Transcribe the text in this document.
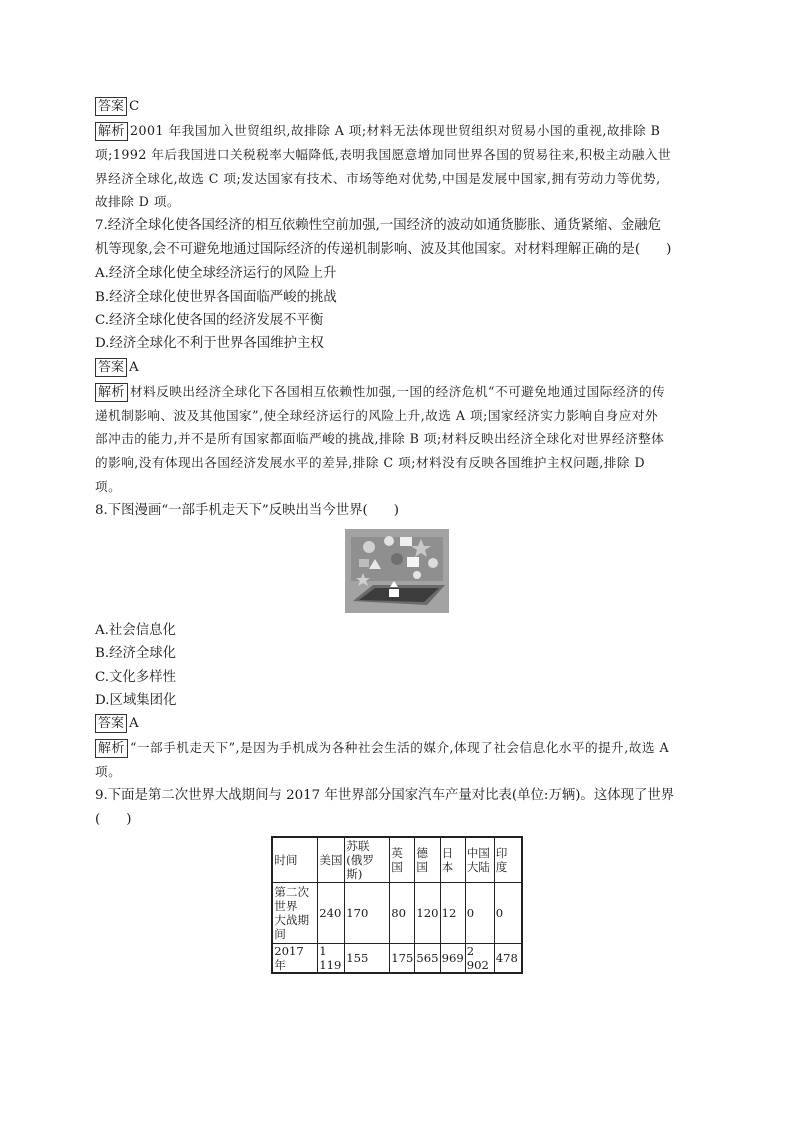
答案 C
解析 2001 年我国加入世贸组织,故排除 A 项;材料无法体现世贸组织对贸易小国的重视,故排除 B
项;1992 年后我国进口关税税率大幅降低,表明我国愿意增加同世界各国的贸易往来,积极主动融入世
界经济全球化,故选 C 项;发达国家有技术、市场等绝对优势,中国是发展中国家,拥有劳动力等优势,
故排除 D 项。
7.经济全球化使各国经济的相互依赖性空前加强,一国经济的波动如通货膨胀、通货紧缩、金融危
机等现象,会不可避免地通过国际经济的传递机制影响、波及其他国家。对材料理解正确的是( )
A.经济全球化使全球经济运行的风险上升
B.经济全球化使世界各国面临严峻的挑战
C.经济全球化使各国的经济发展不平衡
D.经济全球化不利于世界各国维护主权
答案 A
解析 材料反映出经济全球化下各国相互依赖性加强,一国的经济危机“不可避免地通过国际经济的传
递机制影响、波及其他国家”,使全球经济运行的风险上升,故选 A 项;国家经济实力影响自身应对外
部冲击的能力,并不是所有国家都面临严峻的挑战,排除 B 项;材料反映出经济全球化对世界经济整体
的影响,没有体现出各国经济发展水平的差异,排除 C 项;材料没有反映各国维护主权问题,排除 D
项。
8.下图漫画“一部手机走天下”反映出当今世界( )
A.社会信息化
B.经济全球化
C.文化多样性
D.区域集团化
答案 A
解析 “一部手机走天下”,是因为手机成为各种社会生活的媒介,体现了社会信息化水平的提升,故选 A
项。
9.下面是第二次世界大战期间与 2017 年世界部分国家汽车产量对比表(单位:万辆)。这体现了世界
( )
时间	美国	苏联
(俄罗
斯)	英
国	德
国	日
本	中国
大陆	印
度
第二次
世界
大战期
间	240	170	80	120	12	0	0
2017 年	1
119	155	175	565	969	2
902	478
